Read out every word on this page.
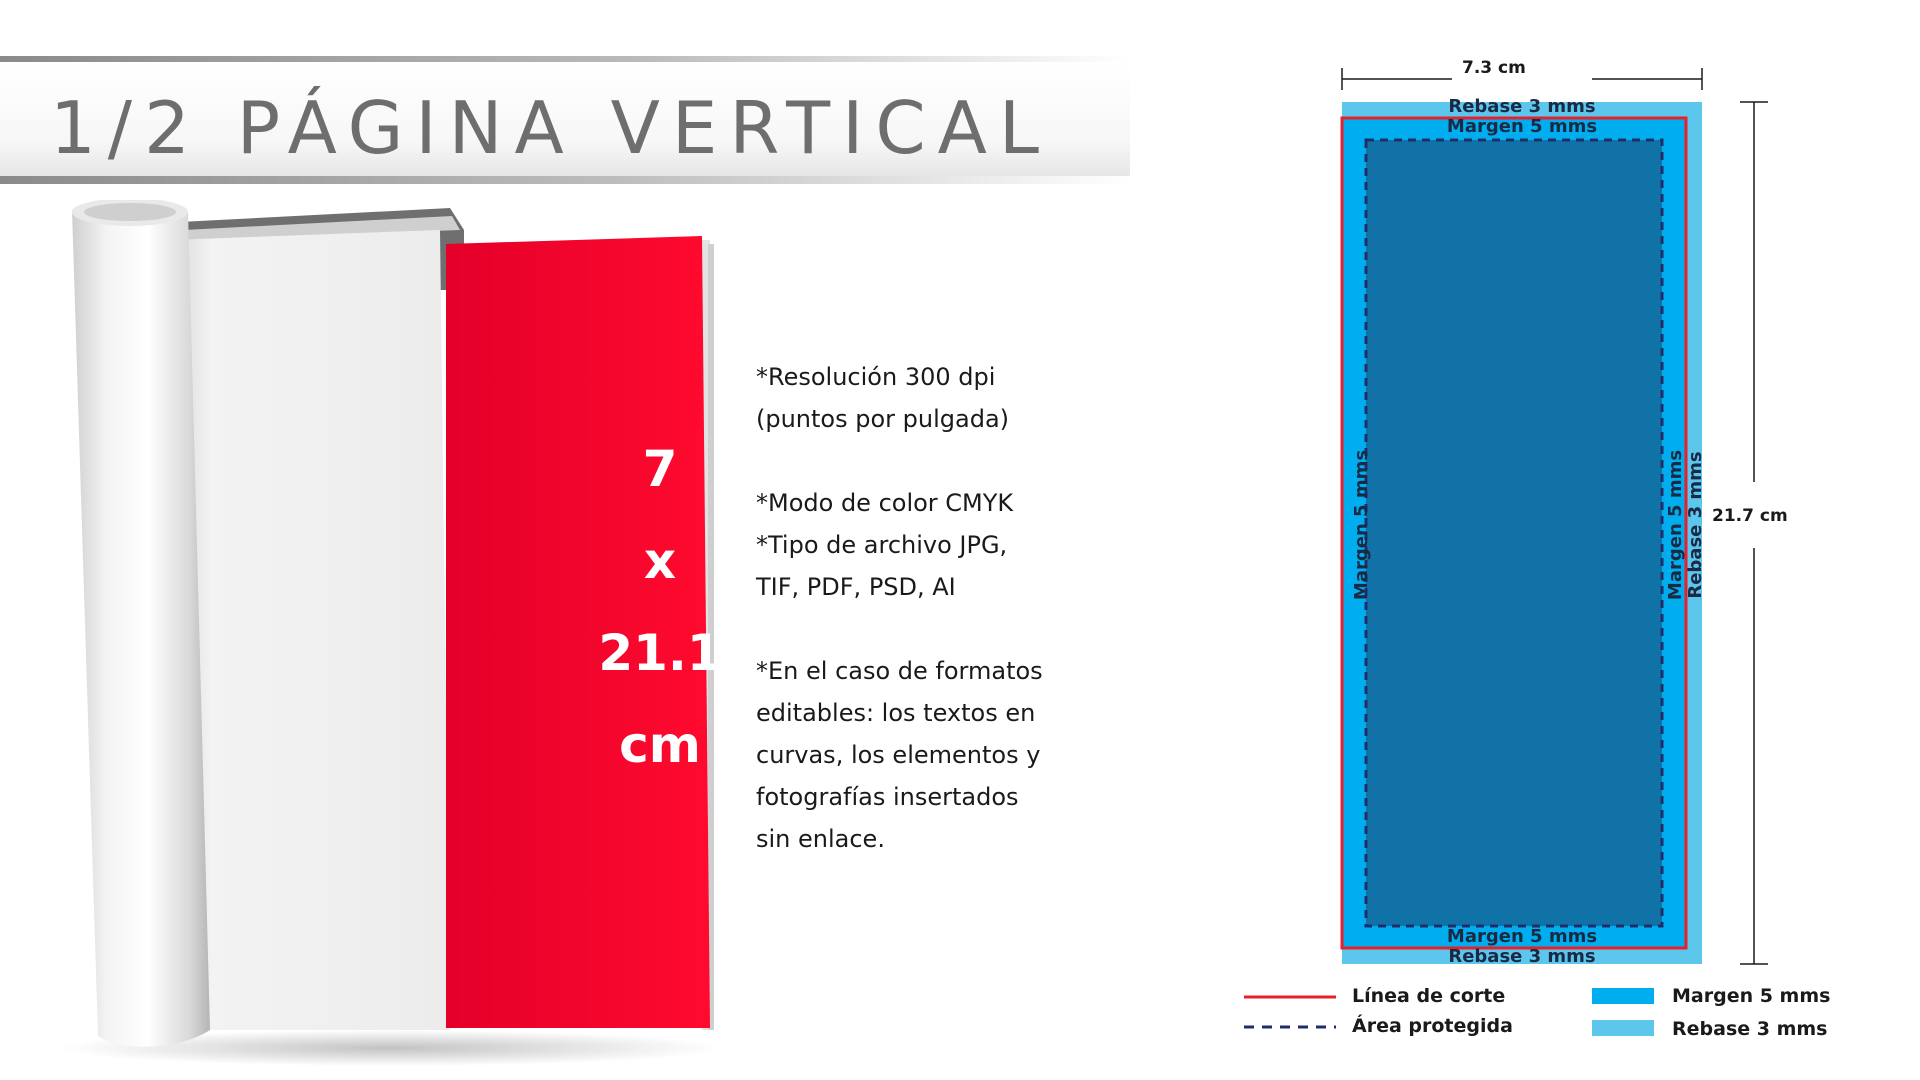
1/2 PÁGINA VERTICAL
7
x
21.1
cm
*Resolución 300 dpi
(puntos por pulgada)
*Modo de color CMYK
*Tipo de archivo JPG,
TIF, PDF, PSD, AI
*En el caso de formatos
editables: los textos en
curvas, los elementos y
fotografías insertados
sin enlace.
7.3 cm
21.7 cm
Rebase 3 mms
Margen 5 mms
Margen 5 mms
Rebase 3 mms
Margen 5 mms	Margen 5 mms Rebase 3 mms
Línea de corte
Área protegida
Margen 5 mms
Rebase 3 mms
